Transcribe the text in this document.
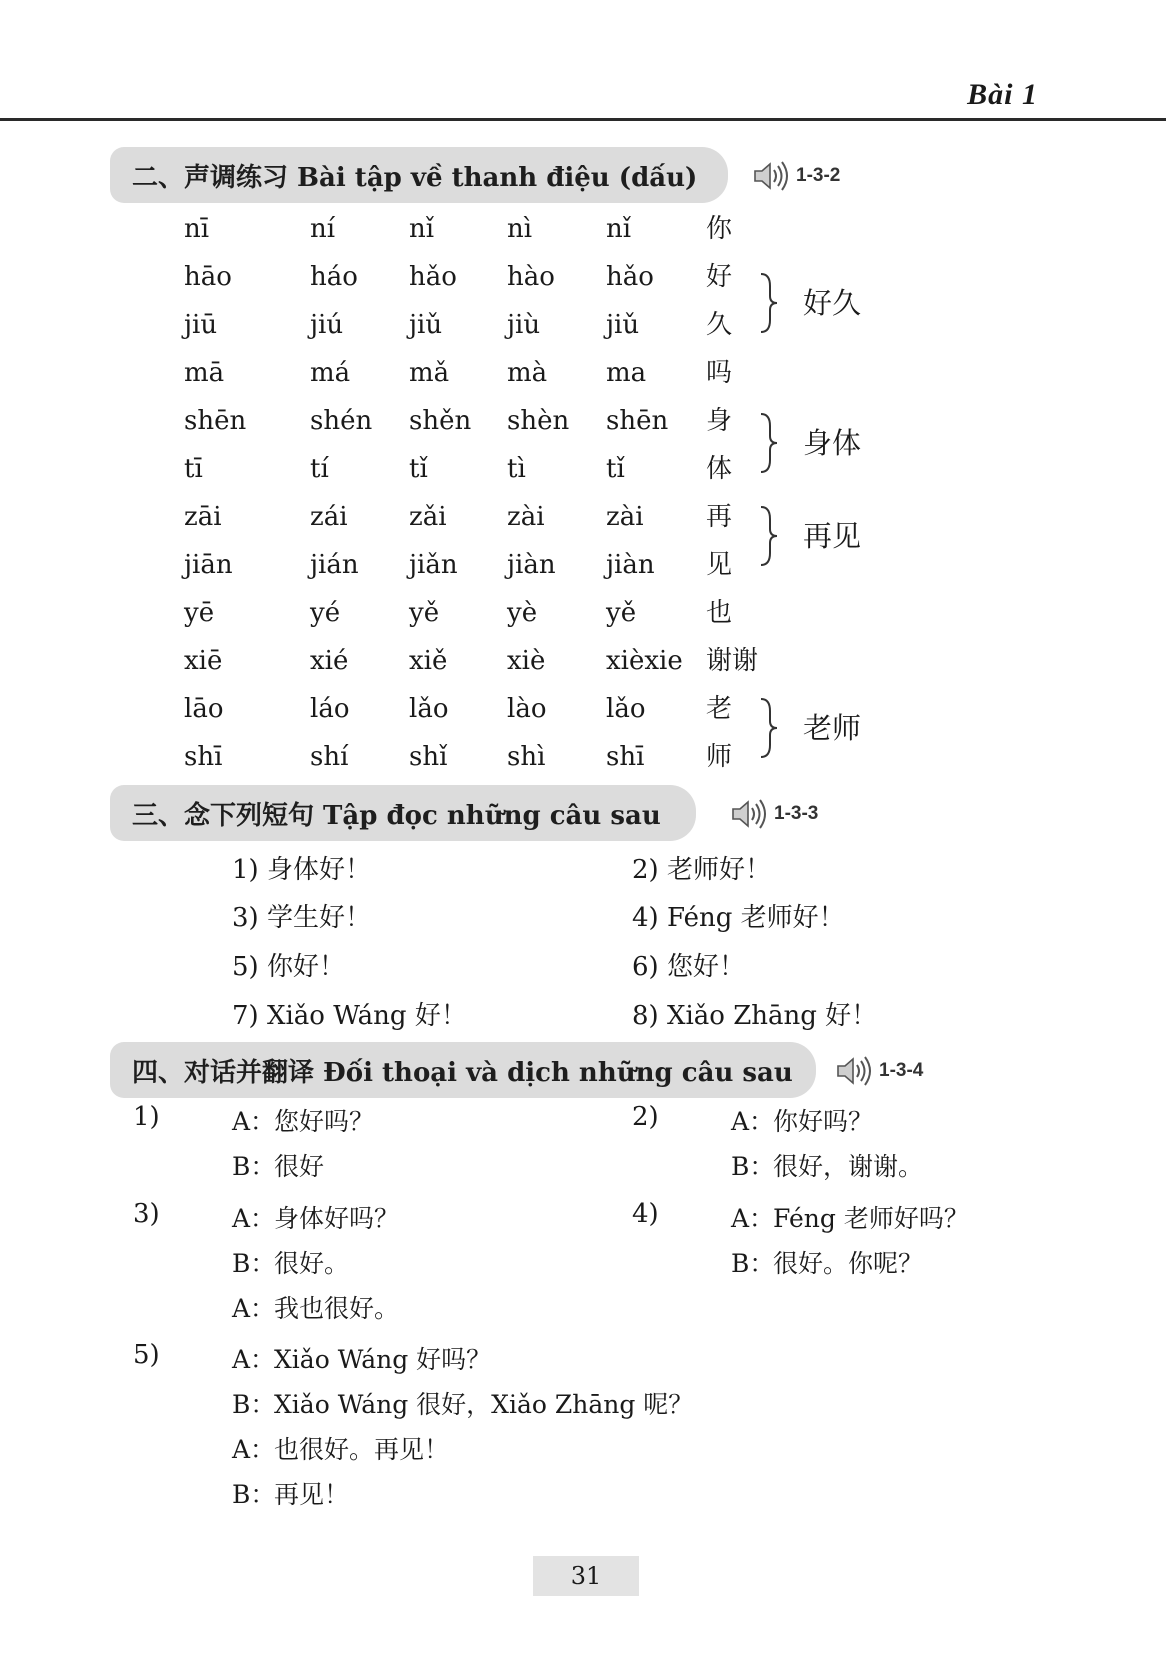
Bài 1
二、声调练习 Bài tập về thanh điệu (dấu)	1-3-2
nī	ní	nǐ	nì	nǐ	你
hāo	háo hǎo hào hǎo 好
jiū	jiú	jiǔ jiù	jiǔ	久
mā	má mǎ mà ma 吗
shēn shén shěn shèn shēn 身
tī	tí	tǐ	tì	tǐ	体
zāi	zái zǎi zài zài 再
jiān	jián jiǎn jiàn jiàn 见
yē	yé	yě	yè	yě	也
xiē	xié xiě xiè xièxie 谢谢
lāo	láo lǎo lào lǎo 老
shī	shí shǐ shì shī 师
好久
身体
再见
老师
三、念下列短句 Tập đọc những câu sau	1-3-3
1) 身体好！	2) 老师好！
3) 学生好！	4) Féng 老师好！
5) 你好！	6) 您好！
7) Xiǎo Wáng 好！	8) Xiǎo Zhāng 好！
四、对话并翻译 Đối thoại và dịch những câu sau	1-3-4
1)	A：您好吗？
B：很好
2)	A：你好吗？
B：很好，谢谢。
3)	A：身体好吗？
B：很好。
A：我也很好。
4)	A：Féng 老师好吗？
B：很好。你呢？
5)	A：Xiǎo Wáng 好吗？
B：Xiǎo Wáng 很好，Xiǎo Zhāng 呢？
A：也很好。再见！
B：再见！
31
